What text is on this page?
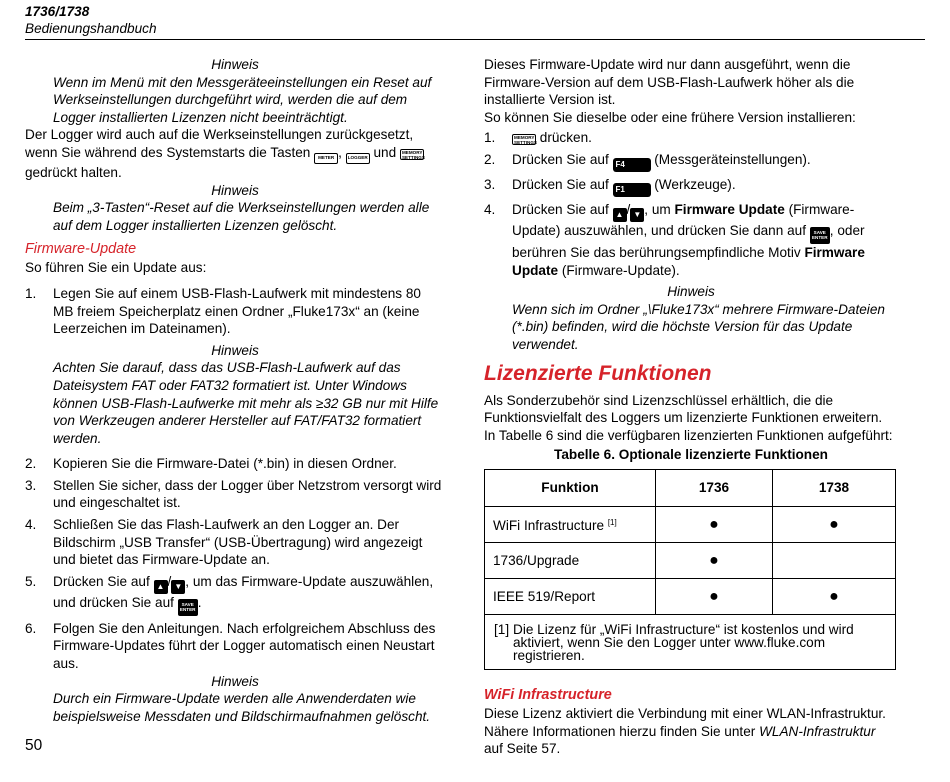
1736/1738
Bedienungshandbuch

Hinweis

Wenn im Menü mit den Messgeräteeinstellungen ein Reset auf Werkseinstellungen durchgeführt wird, werden die auf dem Logger installierten Lizenzen nicht beeinträchtigt.

Der Logger wird auch auf die Werkseinstellungen zurückgesetzt, wenn Sie während des Systemstarts die Tasten METER , LOGGER und MEMORY
SETTINGS
gedrückt halten.

Hinweis

Beim „3-Tasten“-Reset auf die Werkseinstellungen werden alle auf dem Logger installierten Lizenzen gelöscht.

Firmware-Update

So führen Sie ein Update aus:

1. Legen Sie auf einem USB-Flash-Laufwerk mit mindestens 80 MB freiem Speicherplatz einen Ordner „Fluke173x“ an (keine Leerzeichen im Dateinamen).

Hinweis

Achten Sie darauf, dass das USB-Flash-Laufwerk auf das Dateisystem FAT oder FAT32 formatiert ist. Unter Windows können USB-Flash-Laufwerke mit mehr als ≥32 GB nur mit Hilfe von Werkzeugen anderer Hersteller auf FAT/FAT32 formatiert werden.

2. Kopieren Sie die Firmware-Datei (*.bin) in diesen Ordner.
3. Stellen Sie sicher, dass der Logger über Netzstrom versorgt wird und eingeschaltet ist.
4. Schließen Sie das Flash-Laufwerk an den Logger an. Der Bildschirm „USB Transfer“ (USB-Übertragung) wird angezeigt und bietet das Firmware-Update an.
5. Drücken Sie auf ▲ / ▼ , um das Firmware-Update auszuwählen, und drücken Sie auf SAVE
ENTER .
6. Folgen Sie den Anleitungen. Nach erfolgreichem Abschluss des Firmware-Updates führt der Logger automatisch einen Neustart aus.

Hinweis

Durch ein Firmware-Update werden alle Anwenderdaten wie beispielsweise Messdaten und Bildschirmaufnahmen gelöscht.

Dieses Firmware-Update wird nur dann ausgeführt, wenn die Firmware-Version auf dem USB-Flash-Laufwerk höher als die installierte Version ist.

So können Sie dieselbe oder eine frühere Version installieren:

1.	MEMORY
SETTINGS drücken.
2. Drücken Sie auf F4 (Messgeräteinstellungen).
3. Drücken Sie auf F1 (Werkzeuge).
4. Drücken Sie auf ▲ / ▼ , um Firmware Update (Firmware-Update) auszuwählen, und drücken Sie dann auf SAVE
ENTER , oder berühren Sie das berührungsempfindliche Motiv Firmware Update (Firmware-Update).

Hinweis

Wenn sich im Ordner „\Fluke173x“ mehrere Firmware-Dateien (*.bin) befinden, wird die höchste Version für das Update verwendet.

Lizenzierte Funktionen

Als Sonderzubehör sind Lizenzschlüssel erhältlich, die die Funktionsvielfalt des Loggers um lizenzierte Funktionen erweitern.

In Tabelle 6 sind die verfügbaren lizenzierten Funktionen aufgeführt:

Tabelle 6. Optionale lizenzierte Funktionen

Funktion	1736	1738
WiFi Infrastructure [1]	●	●
1736/Upgrade	●	
IEEE 519/Report	●	●

[1] Die Lizenz für „WiFi Infrastructure“ ist kostenlos und wird aktiviert, wenn Sie den Logger unter www.fluke.com registrieren.		
WiFi Infrastructure

Diese Lizenz aktiviert die Verbindung mit einer WLAN-Infrastruktur. Nähere Informationen hierzu finden Sie unter WLAN-Infrastruktur auf Seite 57.

50
